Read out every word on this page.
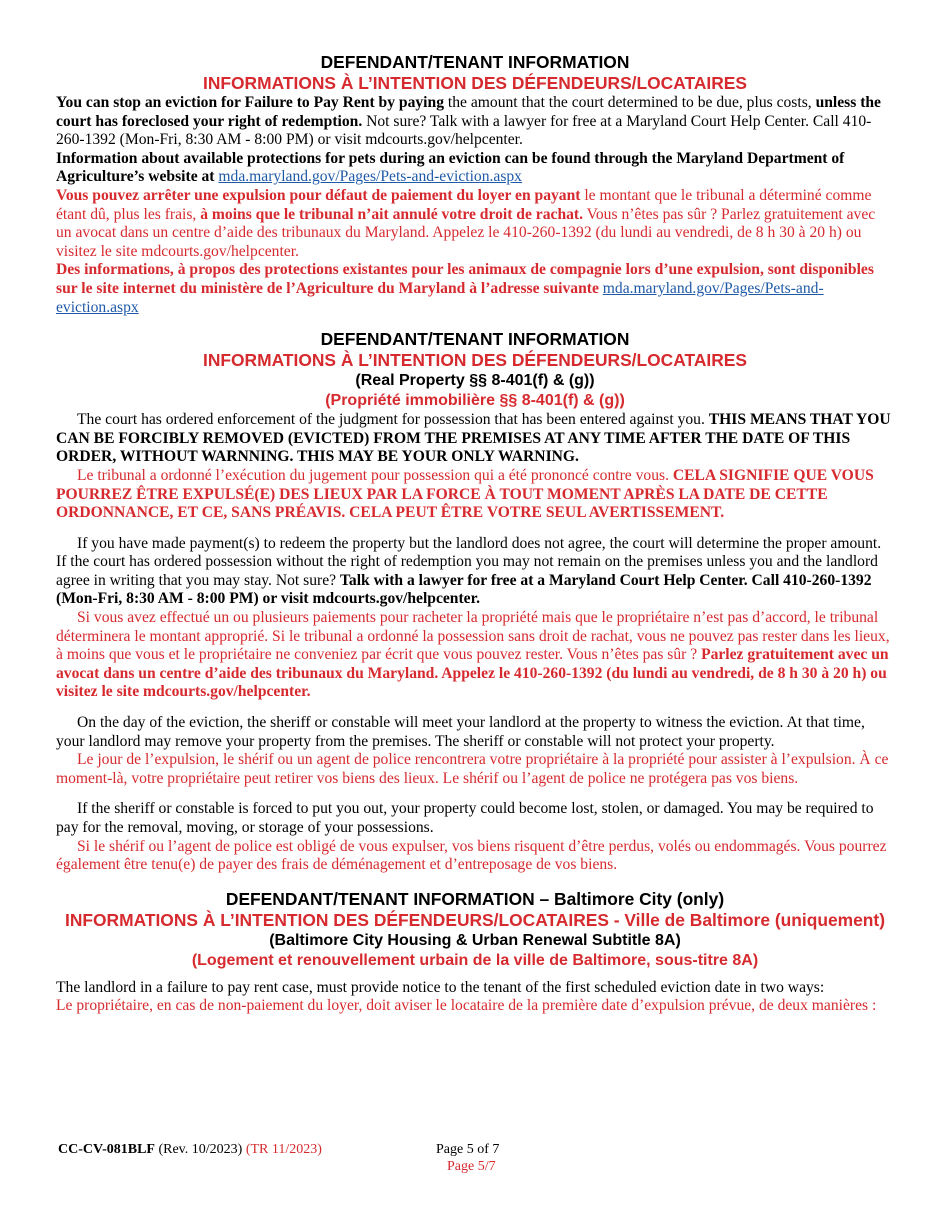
DEFENDANT/TENANT INFORMATION
INFORMATIONS À L’INTENTION DES DÉFENDEURS/LOCATAIRES

You can stop an eviction for Failure to Pay Rent by paying the amount that the court determined to be due, plus costs, unless the court has foreclosed your right of redemption. Not sure? Talk with a lawyer for free at a Maryland Court Help Center. Call 410-260-1392 (Mon-Fri, 8:30 AM - 8:00 PM) or visit mdcourts.gov/helpcenter.

Information about available protections for pets during an eviction can be found through the Maryland Department of Agriculture’s website at mda.maryland.gov/Pages/Pets-and-eviction.aspx

Vous pouvez arrêter une expulsion pour défaut de paiement du loyer en payant le montant que le tribunal a déterminé comme étant dû, plus les frais, à moins que le tribunal n’ait annulé votre droit de rachat. Vous n’êtes pas sûr ? Parlez gratuitement avec un avocat dans un centre d’aide des tribunaux du Maryland. Appelez le 410-260-1392 (du lundi au vendredi, de 8 h 30 à 20 h) ou visitez le site mdcourts.gov/helpcenter.

Des informations, à propos des protections existantes pour les animaux de compagnie lors d’une expulsion, sont disponibles sur le site internet du ministère de l’Agriculture du Maryland à l’adresse suivante mda.maryland.gov/Pages/Pets-and-eviction.aspx

DEFENDANT/TENANT INFORMATION
INFORMATIONS À L’INTENTION DES DÉFENDEURS/LOCATAIRES
(Real Property §§ 8-401(f) & (g))
(Propriété immobilière §§ 8-401(f) & (g))

The court has ordered enforcement of the judgment for possession that has been entered against you. THIS MEANS THAT YOU CAN BE FORCIBLY REMOVED (EVICTED) FROM THE PREMISES AT ANY TIME AFTER THE DATE OF THIS ORDER, WITHOUT WARNNING. THIS MAY BE YOUR ONLY WARNING.

Le tribunal a ordonné l’exécution du jugement pour possession qui a été prononcé contre vous. CELA SIGNIFIE QUE VOUS POURREZ ÊTRE EXPULSÉ(E) DES LIEUX PAR LA FORCE À TOUT MOMENT APRÈS LA DATE DE CETTE ORDONNANCE, ET CE, SANS PRÉAVIS. CELA PEUT ÊTRE VOTRE SEUL AVERTISSEMENT.

If you have made payment(s) to redeem the property but the landlord does not agree, the court will determine the proper amount. If the court has ordered possession without the right of redemption you may not remain on the premises unless you and the landlord agree in writing that you may stay. Not sure? Talk with a lawyer for free at a Maryland Court Help Center. Call 410-260-1392 (Mon-Fri, 8:30 AM - 8:00 PM) or visit mdcourts.gov/helpcenter.

Si vous avez effectué un ou plusieurs paiements pour racheter la propriété mais que le propriétaire n’est pas d’accord, le tribunal déterminera le montant approprié. Si le tribunal a ordonné la possession sans droit de rachat, vous ne pouvez pas rester dans les lieux, à moins que vous et le propriétaire ne conveniez par écrit que vous pouvez rester. Vous n’êtes pas sûr ? Parlez gratuitement avec un avocat dans un centre d’aide des tribunaux du Maryland. Appelez le 410-260-1392 (du lundi au vendredi, de 8 h 30 à 20 h) ou visitez le site mdcourts.gov/helpcenter.

On the day of the eviction, the sheriff or constable will meet your landlord at the property to witness the eviction. At that time, your landlord may remove your property from the premises. The sheriff or constable will not protect your property.

Le jour de l’expulsion, le shérif ou un agent de police rencontrera votre propriétaire à la propriété pour assister à l’expulsion. À ce moment-là, votre propriétaire peut retirer vos biens des lieux. Le shérif ou l’agent de police ne protégera pas vos biens.

If the sheriff or constable is forced to put you out, your property could become lost, stolen, or damaged. You may be required to pay for the removal, moving, or storage of your possessions.

Si le shérif ou l’agent de police est obligé de vous expulser, vos biens risquent d’être perdus, volés ou endommagés. Vous pourrez également être tenu(e) de payer des frais de déménagement et d’entreposage de vos biens.

DEFENDANT/TENANT INFORMATION – Baltimore City (only)
INFORMATIONS À L’INTENTION DES DÉFENDEURS/LOCATAIRES - Ville de Baltimore (uniquement)
(Baltimore City Housing & Urban Renewal Subtitle 8A)
(Logement et renouvellement urbain de la ville de Baltimore, sous-titre 8A)

The landlord in a failure to pay rent case, must provide notice to the tenant of the first scheduled eviction date in two ways:

Le propriétaire, en cas de non-paiement du loyer, doit aviser le locataire de la première date d’expulsion prévue, de deux manières :

CC-CV-081BLF (Rev. 10/2023) (TR 11/2023)	Page 5 of 7
Page 5/7
